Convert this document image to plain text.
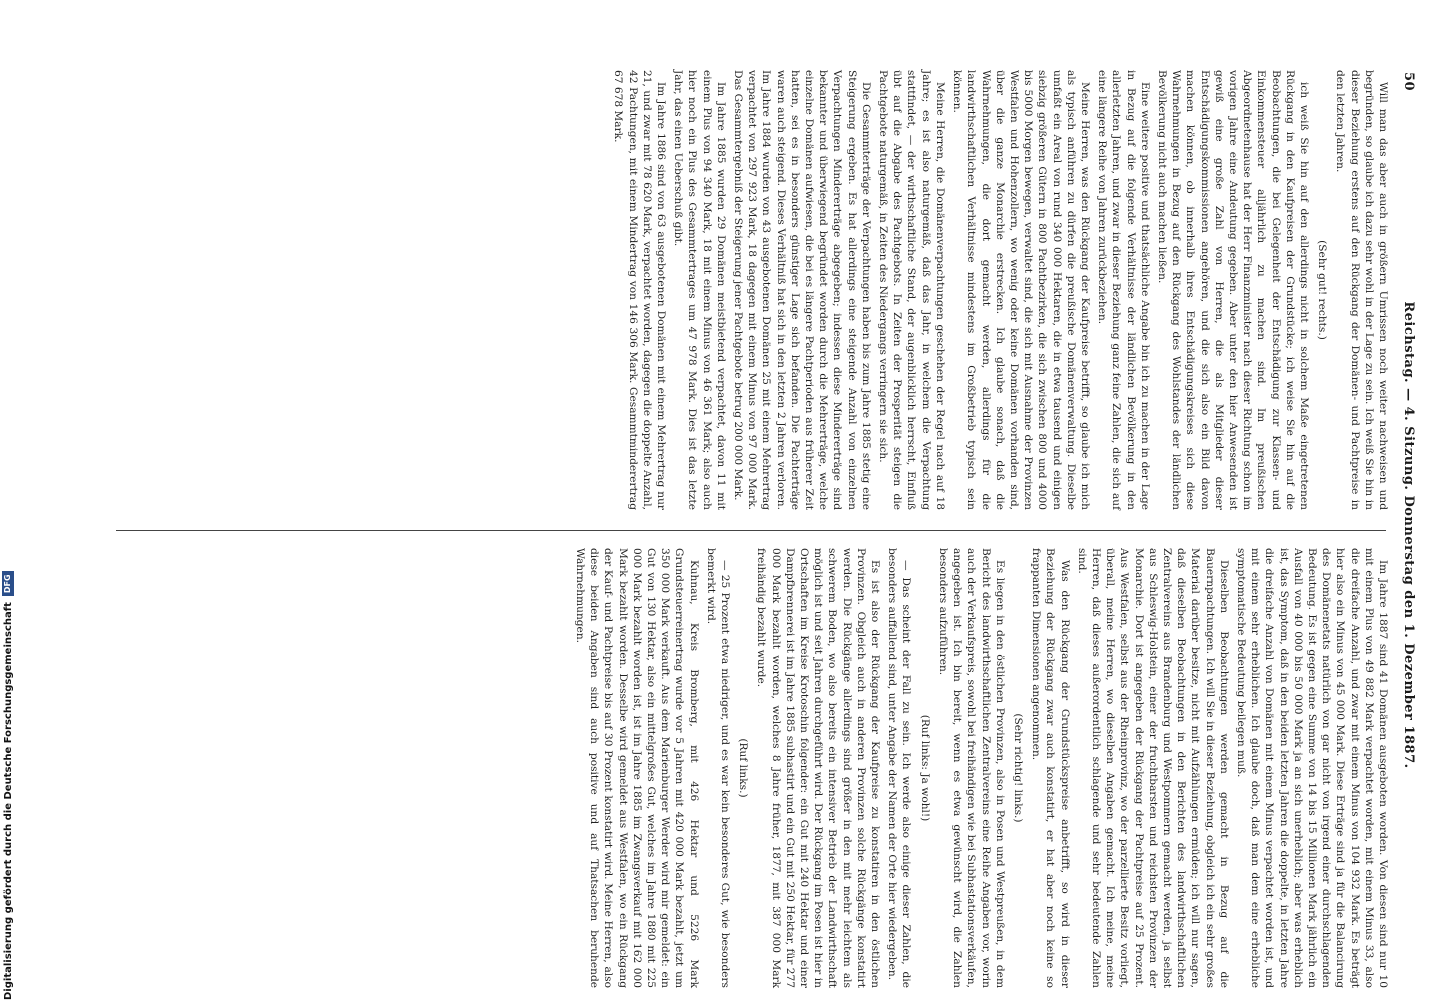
50
Reichstag. — 4. Sitzung. Donnerstag den 1. Dezember 1887.

Will man das aber auch in größern Umrissen noch weiter nachweisen und begründen, so glaube ich dazu sehr wohl in der Lage zu sein. Ich weiß Sie hin in dieser Beziehung erstens auf den Rückgang der Domänen- und Pachtpreise in den letzten Jahren.

(Sehr gut! rechts.)

ich weiß Sie hin auf den allerdings nicht in solchem Maße eingetretenen Rückgang in den Kaufpreisen der Grundstücke; ich weise Sie hin auf die Beobachtungen, die bei Gelegenheit der Entschädigung zur Klassen- und Einkommensteuer alljährlich zu machen sind. Im preußischen Abgeordnetenhause hat der Herr Finanzminister nach dieser Richtung schon im vorigen Jahre eine Andeutung gegeben. Aber unter den hier Anwesenden ist gewiß eine große Zahl von Herren, die als Mitglieder dieser Entschädigungskommissionen angehören, und die sich also ein Bild davon machen können, ob innerhalb ihres Entschädigungskreises sich diese Wahrnehmungen in Bezug auf den Rückgang des Wohlstandes der ländlichen Bevölkerung nicht auch machen ließen.

Eine weitere positive und thatsächliche Angabe bin ich zu machen in der Lage in Bezug auf die folgende Verhältnisse der ländlichen Bevölkerung in den allerletzten Jahren, und zwar in dieser Beziehung ganz feine Zahlen, die sich auf eine längere Reihe von Jahren zurückbeziehen.

Meine Herren, was den Rückgang der Kaufpreise betrifft, so glaube ich mich als typisch anführen zu dürfen die preußische Domänenverwaltung. Dieselbe umfaßt ein Areal von rund 340 000 Hektaren, die in etwa tausend und einigen siebzig größeren Gütern in 800 Pachtbezirken, die sich zwischen 800 und 4000 bis 5000 Morgen bewegen, verwaltet sind, die sich mit Ausnahme der Provinzen Westfalen und Hohenzollern, wo wenig oder keine Domänen vorhanden sind, über die ganze Monarchie erstrecken. Ich glaube sonach, daß die Wahrnehmungen, die dort gemacht werden, allerdings für die landwirthschaftlichen Verhältnisse mindestens im Großbetrieb typisch sein können.

Meine Herren, die Domänenverpachtungen geschehen der Regel nach auf 18 Jahre; es ist also naturgemäß, daß das Jahr, in welchem die Verpachtung stattfindet, — der wirthschaftliche Stand, der augenblicklich herrscht, Einfluß übt auf die Abgabe des Pachtgebots. In Zeiten der Prosperität steigen die Pachtgebote naturgemäß, in Zeiten des Niedergangs verringern sie sich.

Die Gesammterträge der Verpachtungen haben bis zum Jahre 1885 stetig eine Steigerung ergeben. Es hat allerdings eine steigende Anzahl von einzelnen Verpachtungen Mindererträge abgegeben; indessen diese Mindererträge sind bekannter und überwiegend begründet worden durch die Mehrerträge, welche einzelne Domänen aufwiesen, die bei es längere Pachtperioden aus früherer Zeit hatten, sei es in besonders günstiger Lage sich befanden. Die Pachterträge waren auch steigend. Dieses Verhältniß hat sich in den letzten 2 Jahren verloren. Im Jahre 1884 wurden von 43 ausgebotenen Domänen 25 mit einem Mehrertrag verpachtet von 297 923 Mark, 18 dagegen mit einem Minus von 97 000 Mark. Das Gesammtergebniß der Steigerung jener Pachtgebote betrug 200 000 Mark.

Im Jahre 1885 wurden 29 Domänen meistbietend verpachtet, davon 11 mit einem Plus von 94 340 Mark, 18 mit einem Minus von 46 361 Mark; also auch hier noch ein Plus des Gesammtertrages um 47 978 Mark. Dies ist das letzte Jahr, das einen Ueberschuß gibt.

Im Jahre 1886 sind von 63 ausgebotenen Domänen mit einem Mehrertrag nur 21, und zwar mit 78 620 Mark, verpachtet worden, dagegen die doppelte Anzahl, 42 Pachtungen, mit einem Mindertrag von 146 306 Mark. Gesammtminderertrag 67 678 Mark.

Im Jahre 1887 sind 41 Domänen ausgeboten worden. Von diesen sind nur 10 mit einem Plus von 49 882 Mark verpachtet worden, mit einem Minus 33, also die dreifache Anzahl, und zwar mit einem Minus von 104 932 Mark. Es beträgt hier also ein Minus von 45 000 Mark. Diese Erträge sind ja für die Balancirung des Domänenetats natürlich von gar nicht von irgend einer durchschlagenden Bedeutung. Es ist gegen eine Summe von 14 bis 15 Millionen Mark jährlich ein Ausfall von 40 000 bis 50 000 Mark ja an sich unerheblich; aber was erheblich ist, das Symptom, daß in den beiden letzten Jahren die doppelte, in letzten Jahre die dreifache Anzahl von Domänen mit einem Minus verpachtet worden ist, und mit einem sehr erheblichen. Ich glaube doch, daß man dem eine erhebliche symptomatische Bedeutung beilegen muß.

Dieselben Beobachtungen werden gemacht in Bezug auf die Bauernpachtungen. Ich will Sie in dieser Beziehung, obgleich ich ein sehr großes Material darüber besitze, nicht mit Aufzählungen ermüden; ich will nur sagen, daß dieselben Beobachtungen in den Berichten des landwirthschaftlichen Zentralvereins aus Brandenburg und Westpommern gemacht werden, ja selbst aus Schleswig-Holstein, einer der fruchtbarsten und reichsten Provinzen der Monarchie. Dort ist angegeben der Rückgang der Pachtpreise auf 25 Prozent. Aus Westfalen, selbst aus der Rheinprovinz, wo der parzellierte Besitz vorliegt, überall, meine Herren, wo dieselben Angaben gemacht. Ich meine, meine Herren, daß dieses außerordentlich schlagende und sehr bedeutende Zahlen sind.

Was den Rückgang der Grundstückspreise anbetrifft, so wird in dieser Beziehung der Rückgang zwar auch konstatirt, er hat aber noch keine so frappanten Dimensionen angenommen.

(Sehr richtig! links.)

Es liegen in den östlichen Provinzen, also in Posen und Westpreußen, in dem Bericht des landwirthschaftlichen Zentralvereins eine Reihe Angaben vor, worin auch der Verkaufspreis, sowohl bei freihändigen wie bei Subhastationsverkäufen, angegeben ist. Ich bin bereit, wenn es etwa gewünscht wird, die Zahlen besonders aufzuführen.

(Ruf links: Ja wohl!)

— Das scheint der Fall zu sein. Ich werde also einige dieser Zahlen, die besonders auffallend sind, unter Angabe der Namen der Orte hier wiedergeben.

Es ist also der Rückgang der Kaufpreise zu konstatiren in den östlichen Provinzen. Obgleich auch in anderen Provinzen solche Rückgänge konstatirt werden. Die Rückgänge allerdings sind größer in den mit mehr leichtem als schwerem Boden, wo also bereits ein intensiver Betrieb der Landwirthschaft möglich ist und seit Jahren durchgeführt wird. Der Rückgang im Posen ist hier in Ortschaften im Kreise Krotoschin folgender: ein Gut mit 240 Hektar und einer Dampfbrennerei ist im Jahre 1885 subhastirt und ein Gut mit 250 Hektar, für 277 000 Mark bezahlt worden, welches 8 Jahre früher, 1877, mit 387 000 Mark freihändig bezahlt wurde.

(Ruf links.)

— 25 Prozent etwa niedriger, und es war kein besonderes Gut, wie besonders bemerkt wird.

Kuhnau, Kreis Bromberg, mit 426 Hektar und 5226 Mark Grundsteuerreinertrag wurde vor 5 Jahren mit 420 000 Mark bezahlt, jetzt um 350 000 Mark verkauft. Aus dem Marienburger Werder wird mir gemeldet: ein Gut von 130 Hektar, also ein mittelgroßes Gut, welches im Jahre 1880 mit 225 000 Mark bezahlt worden ist, ist im Jahre 1885 im Zwangsverkauf mit 162 000 Mark bezahlt worden. Desselbe wird gemeldet aus Westfalen, wo ein Rückgang der Kauf- und Pachtpreise bis auf 30 Prozent konstatirt wird. Meine Herren, also diese beiden Angaben sind auch positive und auf Thatsachen beruhende Wahrnehmungen.

Digitalisierung gefördert durch die Deutsche Forschungsgemeinschaft
DFG
